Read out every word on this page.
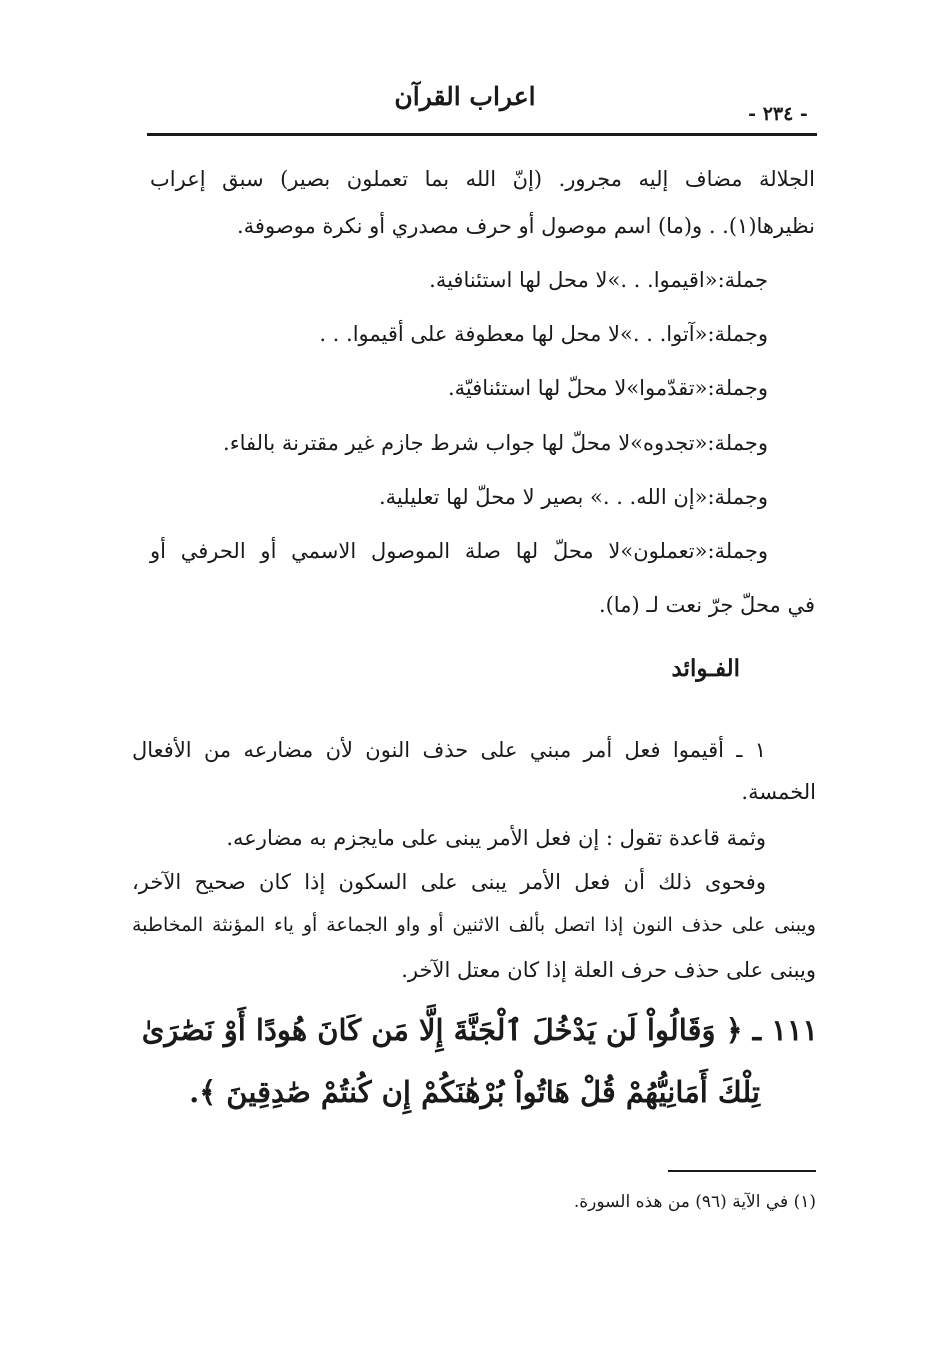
اعراب القرآن
- ٢٣٤ -
الجلالة مضاف إليه مجرور. (إنّ الله بما تعملون بصير) سبق إعراب
نظيرها(١). . و(ما) اسم موصول أو حرف مصدري أو نكرة موصوفة.
جملة:«اقيموا. . .»لا محل لها استئنافية.
وجملة:«آتوا. . .»لا محل لها معطوفة على أقيموا. . .
وجملة:«تقدّموا»لا محلّ لها استئنافيّة.
وجملة:«تجدوه»لا محلّ لها جواب شرط جازم غير مقترنة بالفاء.
وجملة:«إن الله. . .» بصير لا محلّ لها تعليلية.
وجملة:«تعملون»لا محلّ لها صلة الموصول الاسمي أو الحرفي أو
في محلّ جرّ نعت لـ (ما).
الفـوائد
١ ـ أقيموا فعل أمر مبني على حذف النون لأن مضارعه من الأفعال
الخمسة.
وثمة قاعدة تقول : إن فعل الأمر يبنى على مايجزم به مضارعه.
وفحوى ذلك أن فعل الأمر يبنى على السكون إذا كان صحيح الآخر،
ويبنى على حذف النون إذا اتصل بألف الاثنين أو واو الجماعة أو ياء المؤنثة المخاطبة
ويبنى على حذف حرف العلة إذا كان معتل الآخر.
١١١ ـ ﴿ وَقَالُواْ لَن يَدْخُلَ ٱلْجَنَّةَ إِلَّا مَن كَانَ هُودًا أَوْ نَصَٰرَىٰ
تِلْكَ أَمَانِيُّهُمْ قُلْ هَاتُواْ بُرْهَٰنَكُمْ إِن كُنتُمْ صَٰدِقِينَ ﴾.
(١) في الآية (٩٦) من هذه السورة.
